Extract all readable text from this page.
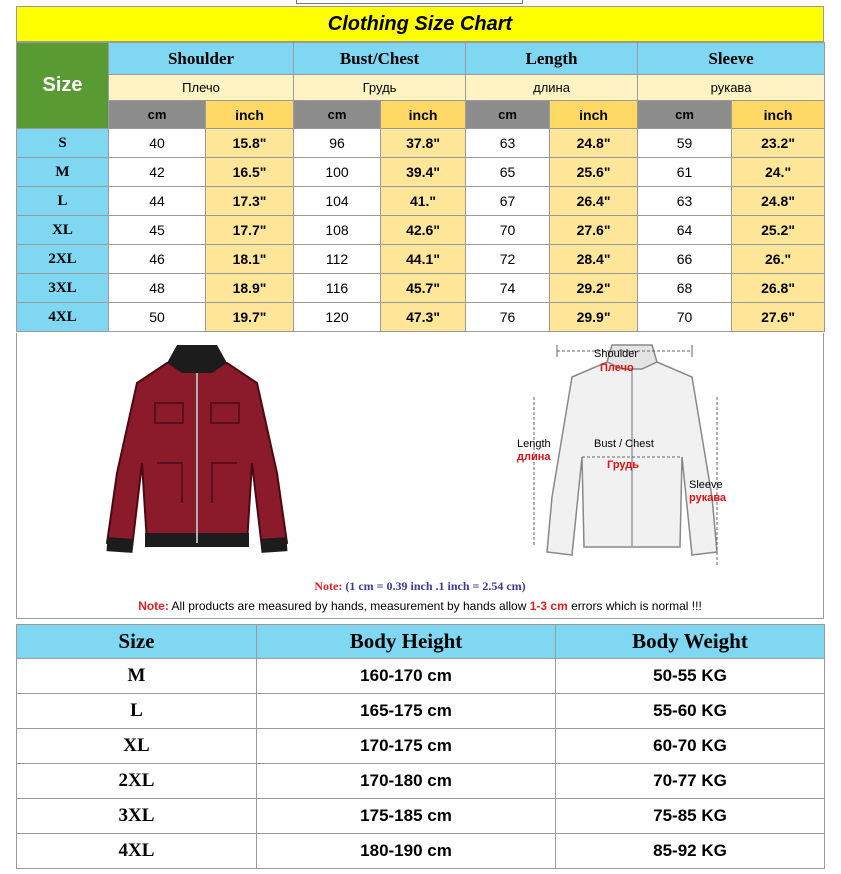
Clothing Size Chart
Size	Shoulder		Bust/Chest		Length		Sleeve	
	Плечо		Грудь		длина		рукава	
	cm	inch	cm	inch	cm	inch	cm	inch
S	40	15.8"	96	37.8"	63	24.8"	59	23.2"
M	42	16.5"	100	39.4"	65	25.6"	61	24."
L	44	17.3"	104	41."	67	26.4"	63	24.8"
XL	45	17.7"	108	42.6"	70	27.6"	64	25.2"
2XL	46	18.1"	112	44.1"	72	28.4"	66	26."
3XL	48	18.9"	116	45.7"	74	29.2"	68	26.8"
4XL	50	19.7"	120	47.3"	76	29.9"	70	27.6"
Shoulder
Плечо
Length
длина
Bust / Chest
Грудь
Sleeve
рукава
Note: (1 cm = 0.39 inch .1 inch = 2.54 cm)
Note: All products are measured by hands, measurement by hands allow 1-3 cm errors which is normal !!!
Size	Body Height	Body Weight
M	160-170 cm	50-55 KG
L	165-175 cm	55-60 KG
XL	170-175 cm	60-70 KG
2XL	170-180 cm	70-77 KG
3XL	175-185 cm	75-85 KG
4XL	180-190 cm	85-92 KG
